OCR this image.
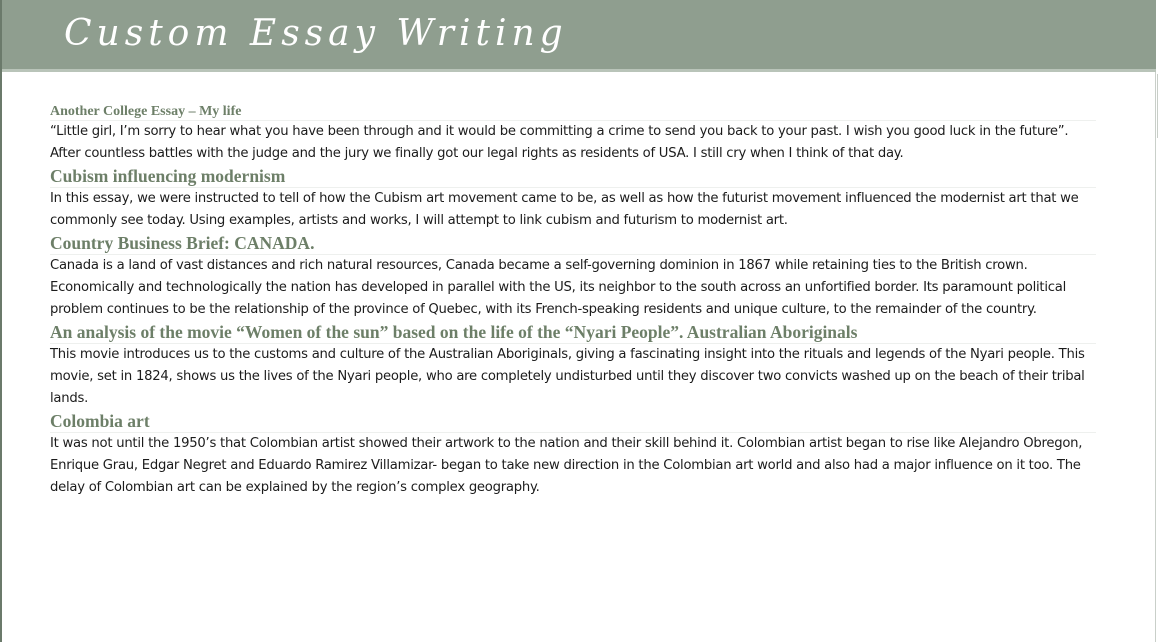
Custom Essay Writing
Another College Essay – My life

“Little girl, I’m sorry to hear what you have been through and it would be committing a crime to send you back to your past. I wish you good luck in the future”. After countless battles with the judge and the jury we finally got our legal rights as residents of USA. I still cry when I think of that day.

Cubism influencing modernism

In this essay, we were instructed to tell of how the Cubism art movement came to be, as well as how the futurist movement influenced the modernist art that we commonly see today. Using examples, artists and works, I will attempt to link cubism and futurism to modernist art.

Country Business Brief: CANADA.

Canada is a land of vast distances and rich natural resources, Canada became a self-governing dominion in 1867 while retaining ties to the British crown. Economically and technologically the nation has developed in parallel with the US, its neighbor to the south across an unfortified border. Its paramount political problem continues to be the relationship of the province of Quebec, with its French-speaking residents and unique culture, to the remainder of the country.

An analysis of the movie “Women of the sun” based on the life of the “Nyari People”. Australian Aboriginals

This movie introduces us to the customs and culture of the Australian Aboriginals, giving a fascinating insight into the rituals and legends of the Nyari people. This movie, set in 1824, shows us the lives of the Nyari people, who are completely undisturbed until they discover two convicts washed up on the beach of their tribal lands.

Colombia art

It was not until the 1950’s that Colombian artist showed their artwork to the nation and their skill behind it. Colombian artist began to rise like Alejandro Obregon, Enrique Grau, Edgar Negret and Eduardo Ramirez Villamizar- began to take new direction in the Colombian art world and also had a major influence on it too. The delay of Colombian art can be explained by the region’s complex geography.
